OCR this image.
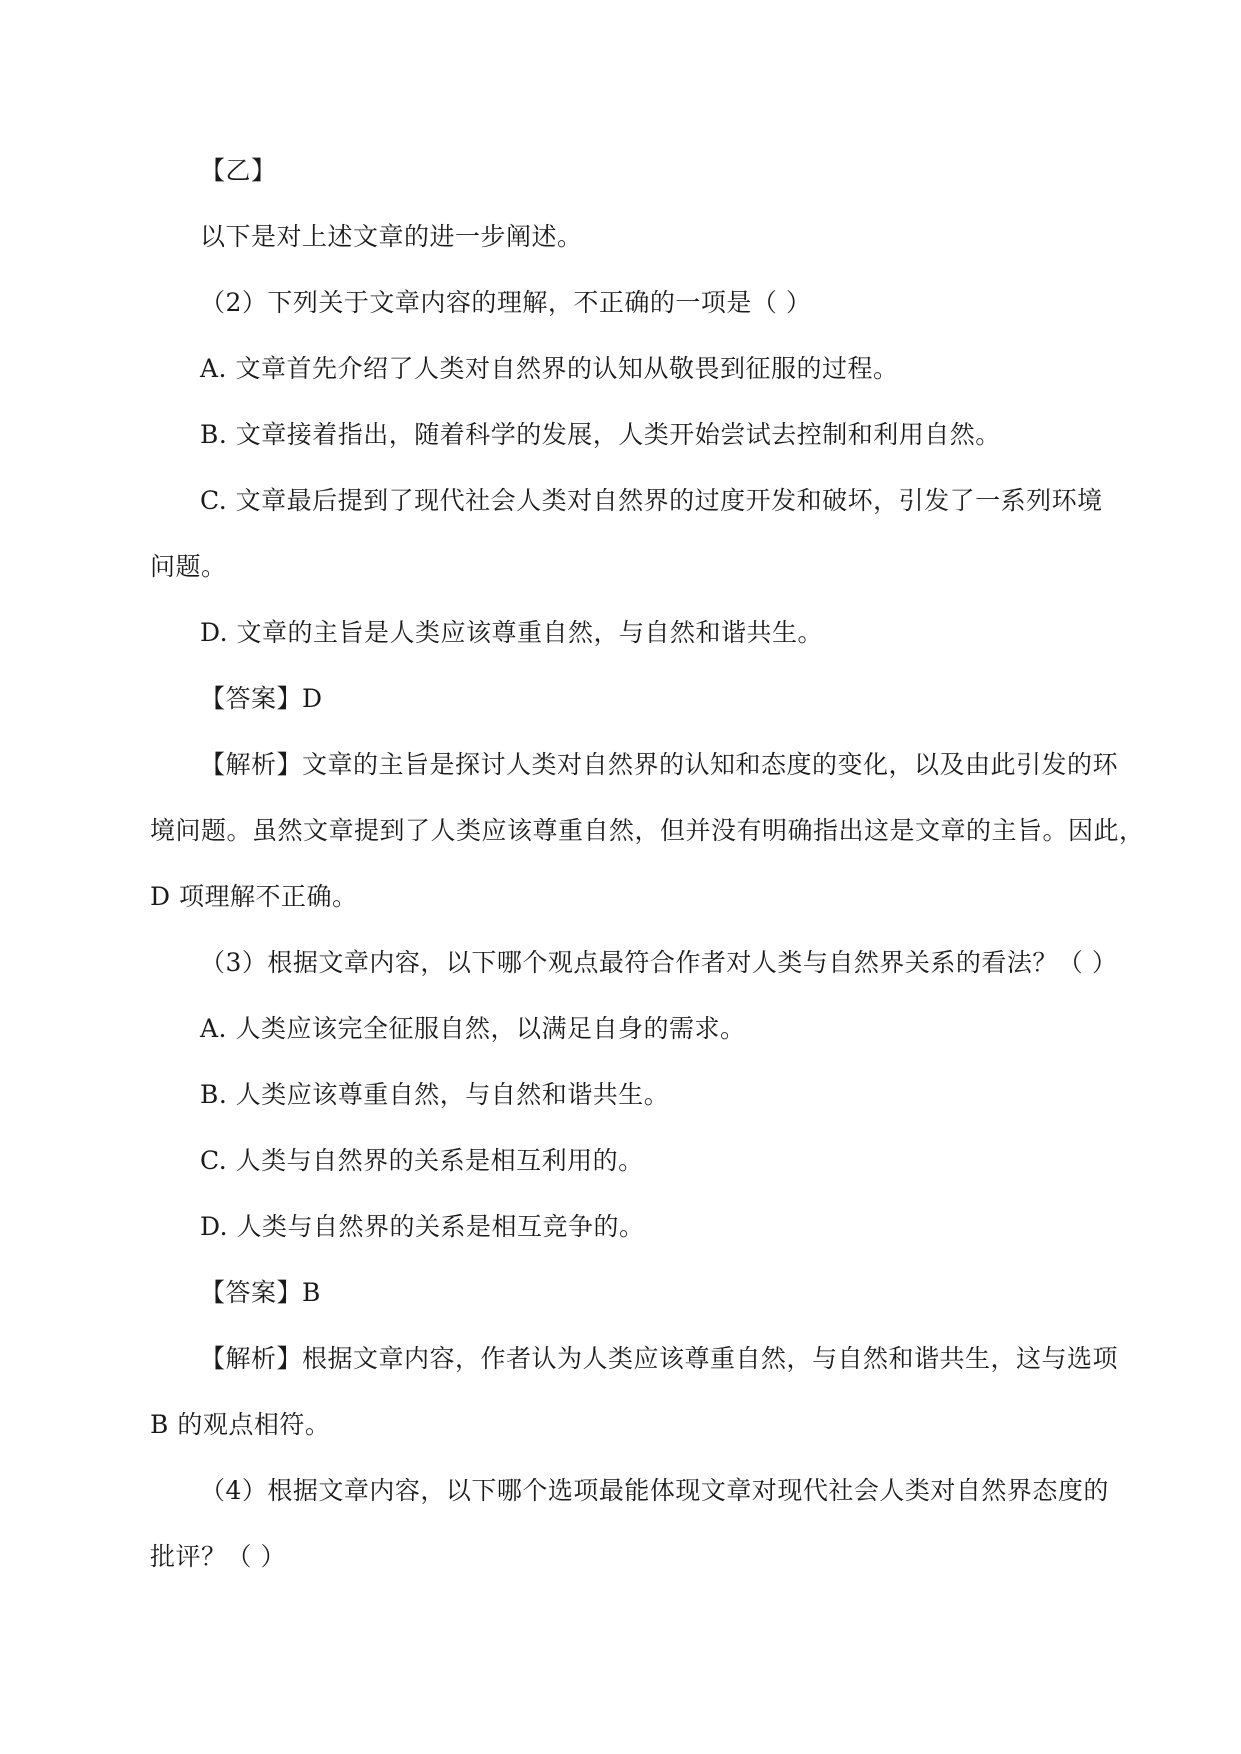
【乙】
以下是对上述文章的进一步阐述。
（2）下列关于文章内容的理解，不正确的一项是（ ）
A. 文章首先介绍了人类对自然界的认知从敬畏到征服的过程。
B. 文章接着指出，随着科学的发展，人类开始尝试去控制和利用自然。
C. 文章最后提到了现代社会人类对自然界的过度开发和破坏，引发了一系列环境
问题。
D. 文章的主旨是人类应该尊重自然，与自然和谐共生。
【答案】D
【解析】文章的主旨是探讨人类对自然界的认知和态度的变化，以及由此引发的环
境问题。虽然文章提到了人类应该尊重自然，但并没有明确指出这是文章的主旨。因此，
D 项理解不正确。
（3）根据文章内容，以下哪个观点最符合作者对人类与自然界关系的看法？（ ）
A. 人类应该完全征服自然，以满足自身的需求。
B. 人类应该尊重自然，与自然和谐共生。
C. 人类与自然界的关系是相互利用的。
D. 人类与自然界的关系是相互竞争的。
【答案】B
【解析】根据文章内容，作者认为人类应该尊重自然，与自然和谐共生，这与选项
B 的观点相符。
（4）根据文章内容，以下哪个选项最能体现文章对现代社会人类对自然界态度的
批评？（ ）
